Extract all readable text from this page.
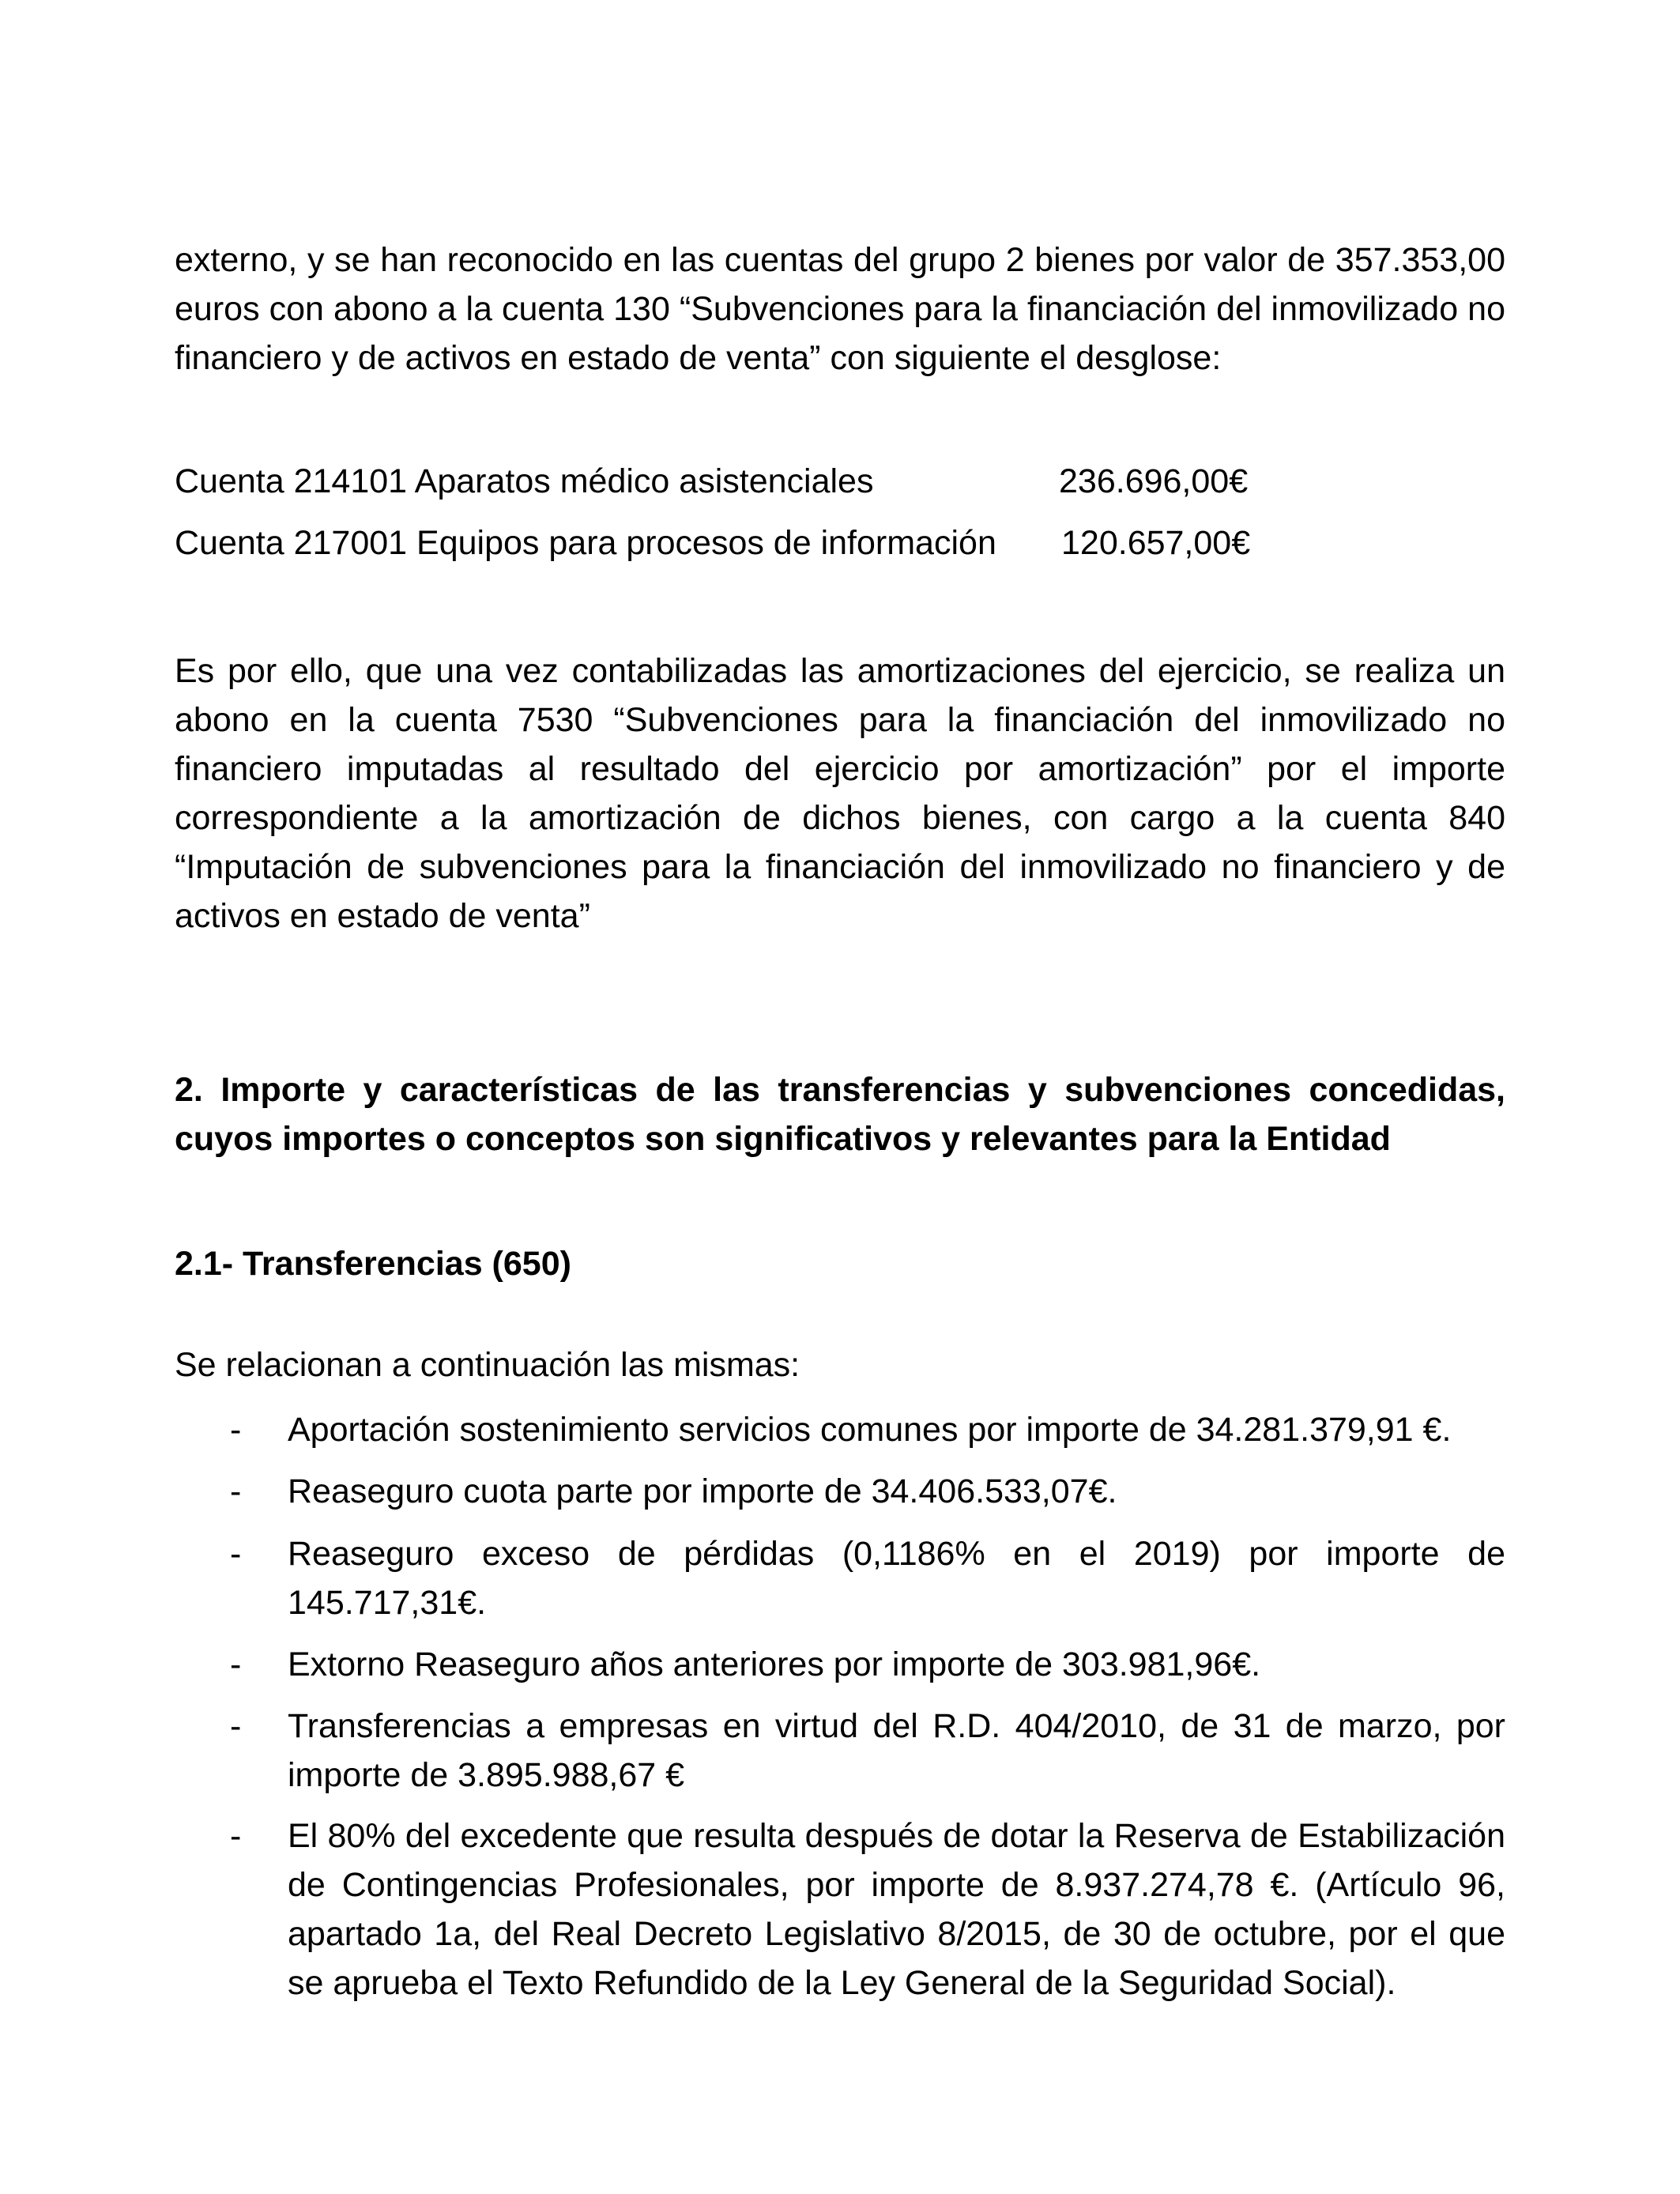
externo, y se han reconocido en las cuentas del grupo 2 bienes por valor de 357.353,00 euros con abono a la cuenta 130 “Subvenciones para la financiación del inmovilizado no financiero y de activos en estado de venta” con siguiente el desglose:

Cuenta 214101 Aparatos médico asistenciales	236.696,00€
Cuenta 217001 Equipos para procesos de información 120.657,00€

Es por ello, que una vez contabilizadas las amortizaciones del ejercicio, se realiza un abono en la cuenta 7530 “Subvenciones para la financiación del inmovilizado no financiero imputadas al resultado del ejercicio por amortización” por el importe correspondiente a la amortización de dichos bienes, con cargo a la cuenta 840 “Imputación de subvenciones para la financiación del inmovilizado no financiero y de activos en estado de venta”

2. Importe y características de las transferencias y subvenciones concedidas, cuyos importes o conceptos son significativos y relevantes para la Entidad
2.1- Transferencias (650)

Se relacionan a continuación las mismas:

- Aportación sostenimiento servicios comunes por importe de 34.281.379,91 €.
- Reaseguro cuota parte por importe de 34.406.533,07€.
- Reaseguro exceso de pérdidas (0,1186% en el 2019) por importe de 145.717,31€.
- Extorno Reaseguro años anteriores por importe de 303.981,96€.
- Transferencias a empresas en virtud del R.D. 404/2010, de 31 de marzo, por importe de 3.895.988,67 €
- El 80% del excedente que resulta después de dotar la Reserva de Estabilización de Contingencias Profesionales, por importe de 8.937.274,78 €. (Artículo 96, apartado 1a, del Real Decreto Legislativo 8/2015, de 30 de octubre, por el que se aprueba el Texto Refundido de la Ley General de la Seguridad Social).
